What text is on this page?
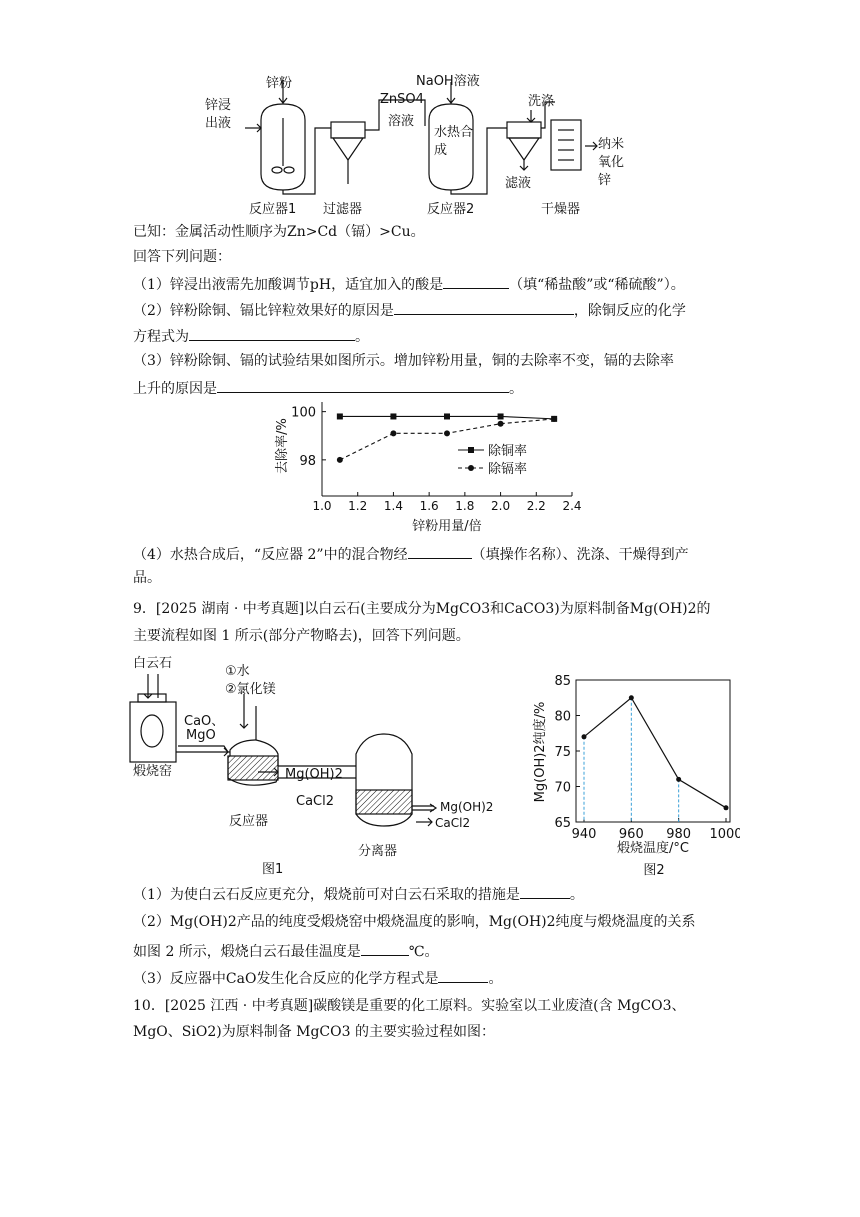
锌粉
锌浸出液
NaOH溶液
ZnSO4
溶液
水热合成
洗涤
滤液
纳米氧化锌
反应器1 过滤器	反应器2	干燥器
已知：金属活动性顺序为Zn>Cd（镉）>Cu。
回答下列问题：
（1）锌浸出液需先加酸调节pH，适宜加入的酸是	（填“稀盐酸”或“稀硫酸”）。
（2）锌粉除铜、镉比锌粒效果好的原因是	，除铜反应的化学
方程式为	。
（3）锌粉除铜、镉的试验结果如图所示。增加锌粉用量，铜的去除率不变，镉的去除率
上升的原因是	。
1.0 1.2 1.4 1.6 1.8 2.0 2.2 2.4
98
100
锌粉用量/倍
去除率/%	除铜率
除镉率
（4）水热合成后，“反应器 2”中的混合物经	（填操作名称）、洗涤、干燥得到产
品。
9．[2025 湖南 · 中考真题]以白云石(主要成分为MgCO3和CaCO3)为原料制备Mg(OH)2的
主要流程如图 1 所示(部分产物略去)，回答下列问题。
白云石
①水
②氯化镁
CaO、
MgO
煅烧窑	Mg(OH)2
CaCl2
反应器
Mg(OH)2
CaCl2
分离器
图1
65
70
75
80
85
940 960 980 1000
煅烧温度/°C
Mg(OH)2纯度/%
图2
（1）为使白云石反应更充分，煅烧前可对白云石采取的措施是	。
（2）Mg(OH)2产品的纯度受煅烧窑中煅烧温度的影响，Mg(OH)2纯度与煅烧温度的关系
如图 2 所示，煅烧白云石最佳温度是	℃。
（3）反应器中CaO发生化合反应的化学方程式是	。
10．[2025 江西 · 中考真题]碳酸镁是重要的化工原料。实验室以工业废渣(含 MgCO3、
MgO、SiO2)为原料制备 MgCO3 的主要实验过程如图：
